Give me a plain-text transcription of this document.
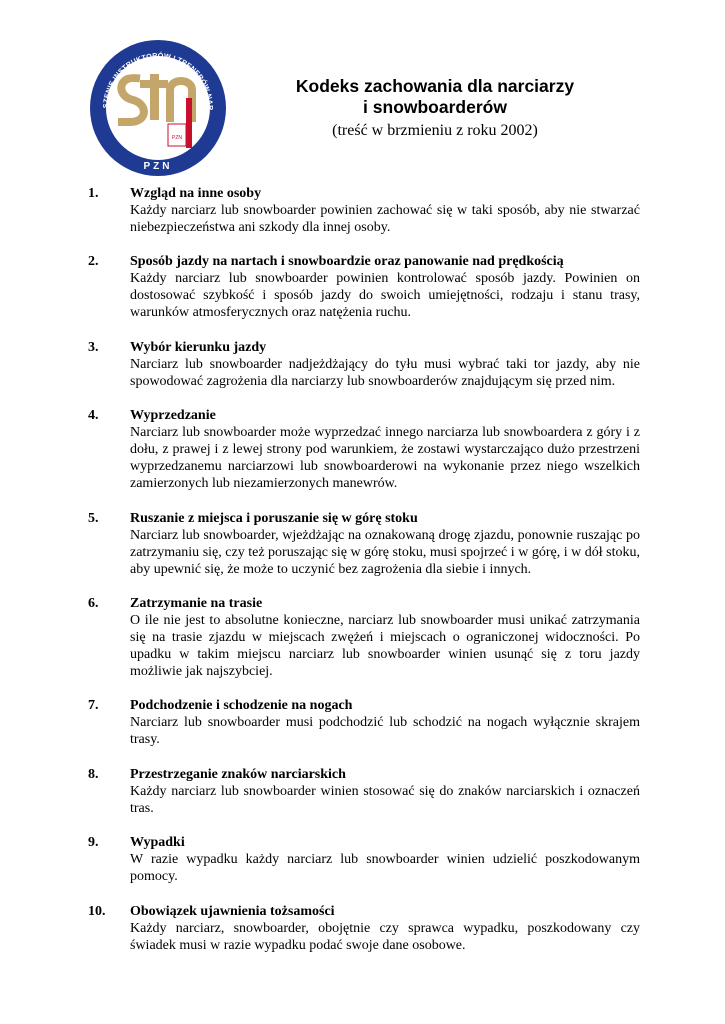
SZENIE INSTRUKTORÓW I TRENERÓW NAR
PZN
PZN
Kodeks zachowania dla narciarzy
i snowboarderów
(treść w brzmieniu z roku 2002)
1. Wzgląd na inne osoby
Każdy narciarz lub snowboarder powinien zachować się w taki sposób, aby nie stwarzać niebezpieczeństwa ani szkody dla innej osoby.
2. Sposób jazdy na nartach i snowboardzie oraz panowanie nad prędkością
Każdy narciarz lub snowboarder powinien kontrolować sposób jazdy. Powinien on dostosować szybkość i sposób jazdy do swoich umiejętności, rodzaju i stanu trasy, warunków atmosferycznych oraz natężenia ruchu.
3. Wybór kierunku jazdy
Narciarz lub snowboarder nadjeżdżający do tyłu musi wybrać taki tor jazdy, aby nie spowodować zagrożenia dla narciarzy lub snowboarderów znajdującym się przed nim.
4. Wyprzedzanie
Narciarz lub snowboarder może wyprzedzać innego narciarza lub snowboardera z góry i z dołu, z prawej i z lewej strony pod warunkiem, że zostawi wystarczająco dużo przestrzeni wyprzedzanemu narciarzowi lub snowboarderowi na wykonanie przez niego wszelkich zamierzonych lub niezamierzonych manewrów.
5. Ruszanie z miejsca i poruszanie się w górę stoku
Narciarz lub snowboarder, wjeżdżając na oznakowaną drogę zjazdu, ponownie ruszając po zatrzymaniu się, czy też poruszając się w górę stoku, musi spojrzeć i w górę, i w dół stoku, aby upewnić się, że może to uczynić bez zagrożenia dla siebie i innych.
6. Zatrzymanie na trasie
O ile nie jest to absolutne konieczne, narciarz lub snowboarder musi unikać zatrzymania się na trasie zjazdu w miejscach zwężeń i miejscach o ograniczonej widoczności. Po upadku w takim miejscu narciarz lub snowboarder winien usunąć się z toru jazdy możliwie jak najszybciej.
7. Podchodzenie i schodzenie na nogach
Narciarz lub snowboarder musi podchodzić lub schodzić na nogach wyłącznie skrajem trasy.
8. Przestrzeganie znaków narciarskich
Każdy narciarz lub snowboarder winien stosować się do znaków narciarskich i oznaczeń tras.
9. Wypadki
W razie wypadku każdy narciarz lub snowboarder winien udzielić poszkodowanym pomocy.
10. Obowiązek ujawnienia tożsamości
Każdy narciarz, snowboarder, obojętnie czy sprawca wypadku, poszkodowany czy świadek musi w razie wypadku podać swoje dane osobowe.
